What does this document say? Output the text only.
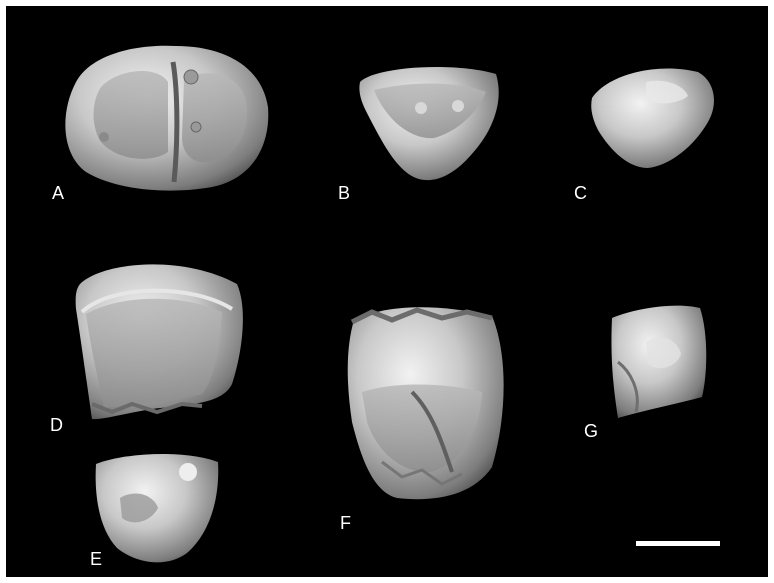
A	B	C
D
E
F
G
